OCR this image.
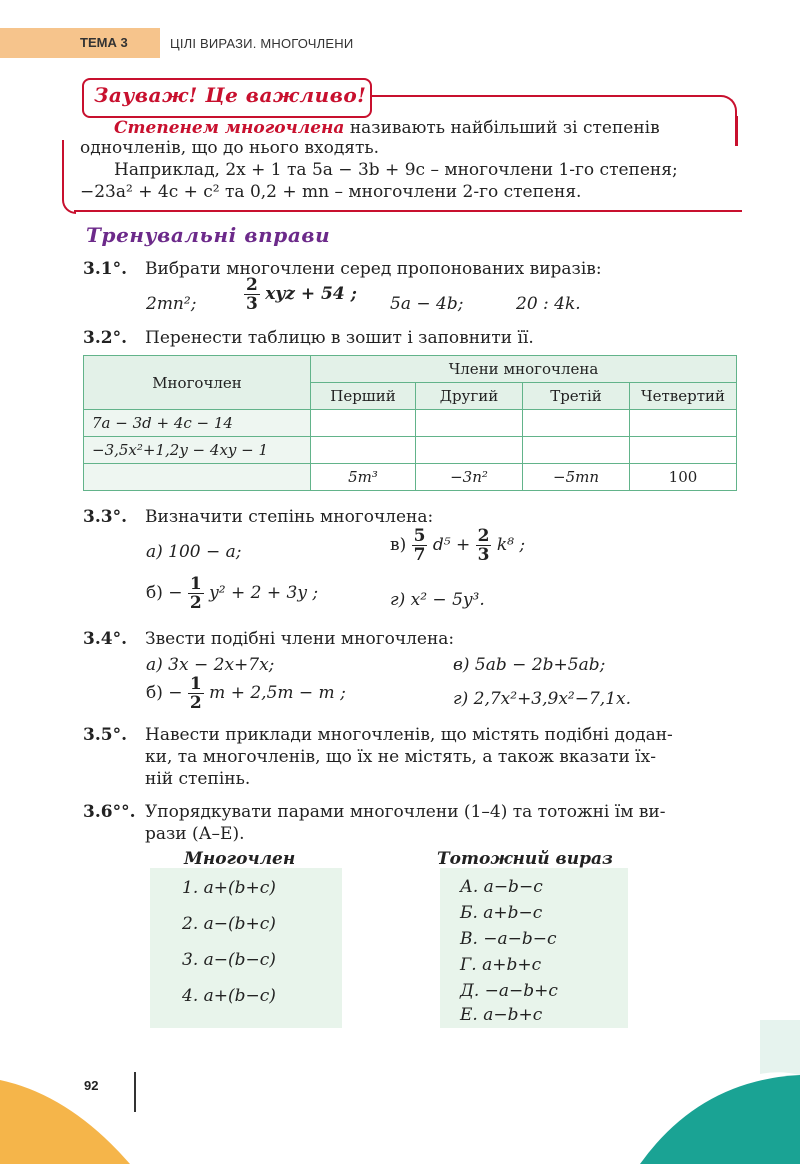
ТЕМА 3	ЦІЛІ ВИРАЗИ. МНОГОЧЛЕНИ
Зауваж! Це важливо!
Степенем многочлена називають найбільший зі степенів
одночленів, що до нього входять.
Наприклад, 2x + 1 та 5a − 3b + 9c – многочлени 1-го степеня;
−23a² + 4c + c² та 0,2 + mn – многочлени 2-го степеня.
Тренувальні вправи
3.1°. Вибрати многочлени серед пропонованих виразів:
2mn²;	$\frac{2}{3}$ xyz + 54 ; 5a − 4b;	20 : 4k.
3.2°. Перенести таблицю в зошит і заповнити її.
Многочлен	Члени многочлена			
	Перший	Другий	Третій	Четвертий
7a − 3d + 4c − 14				
−3,5x²+1,2y − 4xy − 1				
	5m³	−3n²	−5mn	100
3.3°. Визначити степінь многочлена:
а) 100 − a;	$в) \frac{5}{7} d^5 + \frac{2}{3} k^8$ ;
$б) - \frac{1}{2} y^2 + 2 + 3y$ ;	г) x² − 5y³.
3.4°. Звести подібні члени многочлена:
а) 3x − 2x+7x;	в) 5ab − 2b+5ab;
$б) - \frac{1}{2}$ m + 2,5m − m ;	г) 2,7x²+3,9x²−7,1x.
3.5°. Навести приклади многочленів, що містять подібні додан-
ки, та многочленів, що їх не містять, а також вказати їх-
ній степінь.
3.6°°. Упорядкувати парами многочлени (1–4) та тотожні їм ви-
рази (А–Е).
Многочлен	Тотожний вираз
1. a+(b+c)
2. a−(b+c)
3. a−(b−c)
4. a+(b−c)
А. a−b−c
Б. a+b−c
В. −a−b−c
Г. a+b+c
Д. −a−b+c
Е. a−b+c
92
